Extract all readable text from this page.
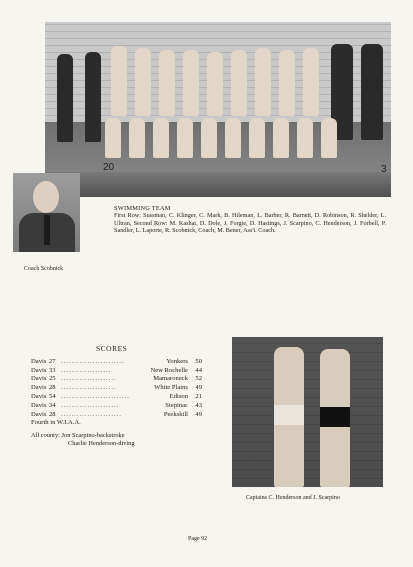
20	3
SWIMMING TEAM
First Row: Sussman, C. Klinger, C. Mark, B. Hileman, L. Barber, R. Barnett, D. Robinson, R. Shelder, L. Ultran, Second Row: M. Kashat, D. Dole, J. Forgie, D. Hastings, J. Scarpino, C. Henderson, J. Forbell, P. Sandler, L. Laporte, R. Scobnick, Coach, M. Bener, Ass't. Coach.
Coach Scobnick
SCORES
Davis 27 ........................	Yonkers	50
Davis 33 ...................	New Rochelle	44
Davis 25 .....................	Mamaroneck	52
Davis 28 .....................	White Plains	49
Davis 54 ..........................	Edison	21
Davis 34 ......................	Stepinac	43
Davis 28 .......................	Peekskill	49
Fourth in W.I.A.A.
All county: Jon Scarpino-backstroke
Charlie Henderson-diving
Captains C. Henderson and J. Scarpino
Page 92
